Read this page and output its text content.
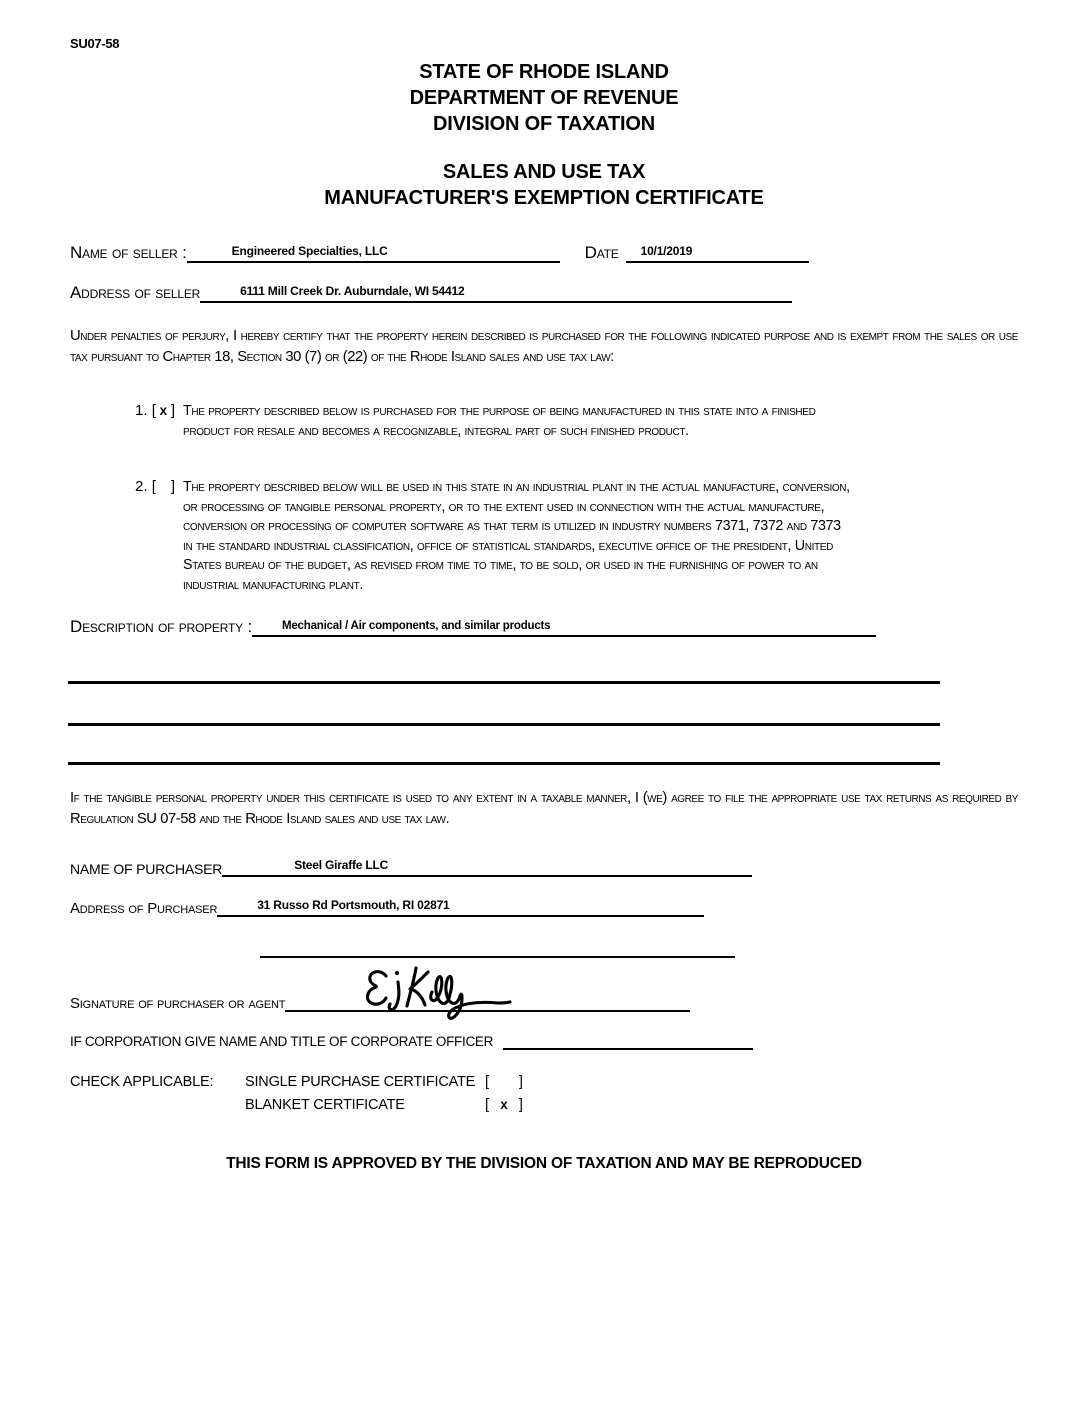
SU07-58
STATE OF RHODE ISLAND
DEPARTMENT OF REVENUE
DIVISION OF TAXATION
SALES AND USE TAX
MANUFACTURER'S EXEMPTION CERTIFICATE
Name of seller :	Engineered Specialties, LLC	Date	10/1/2019
Address of seller	6111 Mill Creek Dr. Auburndale, WI 54412
Under penalties of perjury, I hereby certify that the property herein described is purchased for the following indicated purpose and is exempt from the sales or use tax pursuant to Chapter 18, Section 30 (7) or (22) of the Rhode Island sales and use tax law:
1. [ x ] The property described below is purchased for the purpose of being manufactured in this state into a finished product for resale and becomes a recognizable, integral part of such finished product.
2. [ ] The property described below will be used in this state in an industrial plant in the actual manufacture, conversion, or processing of tangible personal property, or to the extent used in connection with the actual manufacture, conversion or processing of computer software as that term is utilized in industry numbers 7371, 7372 and 7373 in the standard industrial classification, office of statistical standards, executive office of the president, United States bureau of the budget, as revised from time to time, to be sold, or used in the furnishing of power to an industrial manufacturing plant.
Description of property :	Mechanical / Air components, and similar products
If the tangible personal property under this certificate is used to any extent in a taxable manner, I (we) agree to file the appropriate use tax returns as required by Regulation SU 07-58 and the Rhode Island sales and use tax law.
NAME OF PURCHASER	Steel Giraffe LLC
Address of Purchaser	31 Russo Rd Portsmouth, RI 02871
Signature of purchaser or agent
IF CORPORATION GIVE NAME AND TITLE OF CORPORATE OFFICER
CHECK APPLICABLE: SINGLE PURCHASE CERTIFICATE [ ]
BLANKET CERTIFICATE	[ x ]
THIS FORM IS APPROVED BY THE DIVISION OF TAXATION AND MAY BE REPRODUCED
